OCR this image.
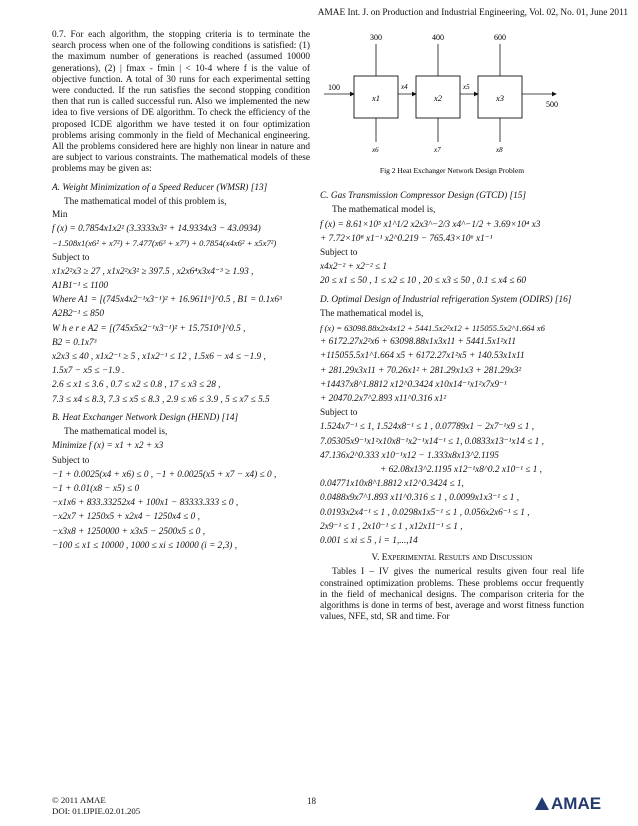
AMAE Int. J. on Production and Industrial Engineering, Vol. 02, No. 01, June 2011

0.7. For each algorithm, the stopping criteria is to terminate the search process when one of the following conditions is satisfied: (1) the maximum number of generations is reached (assumed 10000 generations), (2) | fmax - fmin | < 10-4 where f is the value of objective function. A total of 30 runs for each experimental setting were conducted. If the run satisfies the second stopping condition then that run is called successful run. Also we implemented the new idea to five versions of DE algorithm. To check the efficiency of the proposed ICDE algorithm we have tested it on four optimization problems arising commonly in the field of Mechanical engineering. All the problems considered here are highly non linear in nature and are subject to various constraints. The mathematical models of these problems may be given as:

A. Weight Minimization of a Speed Reducer (WMSR) [13]

The mathematical model of this problem is,

Min
f (x) = 0.7854x1x2² (3.3333x3² + 14.9334x3 − 43.0934)
−1.508x1(x6² + x7²) + 7.477(x6³ + x7³) + 0.7854(x4x6² + x5x7²)
Subject to
x1x2²x3 ≥ 27 , x1x2²x3² ≥ 397.5 , x2x6⁴x3x4⁻³ ≥ 1.93 ,
A1B1⁻¹ ≤ 1100
Where A1 = [(745x4x2⁻¹x3⁻¹)² + 16.9611⁶]^0.5 , B1 = 0.1x6³
A2B2⁻¹ ≤ 850
W h e r e A2 = [(745x5x2⁻¹x3⁻¹)² + 15.7510⁶]^0.5 ,
B2 = 0.1x7³
x2x3 ≤ 40 , x1x2⁻¹ ≥ 5 , x1x2⁻¹ ≤ 12 , 1.5x6 − x4 ≤ −1.9 ,
1.5x7 − x5 ≤ −1.9 .
2.6 ≤ x1 ≤ 3.6 , 0.7 ≤ x2 ≤ 0.8 , 17 ≤ x3 ≤ 28 ,
7.3 ≤ x4 ≤ 8.3, 7.3 ≤ x5 ≤ 8.3 , 2.9 ≤ x6 ≤ 3.9 , 5 ≤ x7 ≤ 5.5
B. Heat Exchanger Network Design (HEND) [14]

The mathematical model is,

Minimize f (x) = x1 + x2 + x3
Subject to
−1 + 0.0025(x4 + x6) ≤ 0 , −1 + 0.0025(x5 + x7 − x4) ≤ 0 ,
−1 + 0.01(x8 − x5) ≤ 0
−x1x6 + 833.33252x4 + 100x1 − 83333.333 ≤ 0 ,
−x2x7 + 1250x5 + x2x4 − 1250x4 ≤ 0 ,
−x3x8 + 1250000 + x3x5 − 2500x5 ≤ 0 ,
−100 ≤ x1 ≤ 10000 , 1000 ≤ xi ≤ 10000 (i = 2,3) ,
300	400	600
x1	x2	x3
100
500
x4	x5
x6	x7	x8
Fig 2 Heat Exchanger Network Design Problem
C. Gas Transmission Compressor Design (GTCD) [15]

The mathematical model is,

f (x) = 8.61×10⁵ x1^1/2 x2x3^−2/3 x4^−1/2 + 3.69×10⁴ x3
+ 7.72×10⁸ x1⁻¹ x2^0.219 − 765.43×10⁶ x1⁻¹
Subject to
x4x2⁻² + x2⁻² ≤ 1
20 ≤ x1 ≤ 50 , 1 ≤ x2 ≤ 10 , 20 ≤ x3 ≤ 50 , 0.1 ≤ x4 ≤ 60
D. Optimal Design of Industrial refrigeration System (ODIRS) [16]

The mathematical model is,

f (x) = 63098.88x2x4x12 + 5441.5x2²x12 + 115055.5x2^1.664 x6
+ 6172.27x2²x6 + 63098.88x1x3x11 + 5441.5x1²x11
+115055.5x1^1.664 x5 + 6172.27x1²x5 + 140.53x1x11
+ 281.29x3x11 + 70.26x1² + 281.29x1x3 + 281.29x3²
+14437x8^1.8812 x12^0.3424 x10x14⁻¹x1²x7x9⁻¹
+ 20470.2x7^2.893 x11^0.316 x1²
Subject to
1.524x7⁻¹ ≤ 1, 1.524x8⁻¹ ≤ 1 , 0.07789x1 − 2x7⁻¹x9 ≤ 1 ,
7.05305x9⁻¹x1²x10x8⁻¹x2⁻¹x14⁻¹ ≤ 1, 0.0833x13⁻¹x14 ≤ 1 ,
47.136x2^0.333 x10⁻¹x12 − 1.333x8x13^2.1195
+ 62.08x13^2.1195 x12⁻¹x8^0.2 x10⁻¹ ≤ 1 ,
0.04771x10x8^1.8812 x12^0.3424 ≤ 1,
0.0488x9x7^1.893 x11^0.316 ≤ 1 , 0.0099x1x3⁻¹ ≤ 1 ,
0.0193x2x4⁻¹ ≤ 1 , 0.0298x1x5⁻¹ ≤ 1 , 0.056x2x6⁻¹ ≤ 1 ,
2x9⁻¹ ≤ 1 , 2x10⁻¹ ≤ 1 , x12x11⁻¹ ≤ 1 ,
0.001 ≤ xi ≤ 5 , i = 1,...,14
V. Experimental Results and Discussion

Tables I – IV gives the numerical results given four real life constrained optimization problems. These problems occur frequently in the field of mechanical designs. The comparison criteria for the algorithms is done in terms of best, average and worst fitness function values, NFE, std, SR and time. For

© 2011 AMAE
DOI: 01.IJPIE.02.01.205
18	AMAE
